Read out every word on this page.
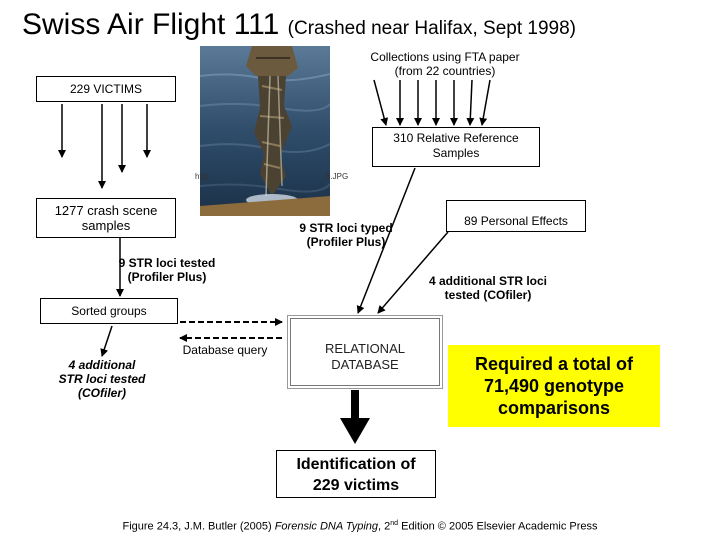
Swiss Air Flight 111 (Crashed near Halifax, Sept 1998)
http	6.JPG
229 VICTIMS
Collections using FTA paper
(from 22 countries)
310 Relative Reference
Samples
1277 crash scene
samples	89 Personal Effects
9 STR loci typed
(Profiler Plus)
9 STR loci tested
(Profiler Plus)	4 additional STR loci
tested (COfiler)
Sorted groups
Database query
4 additional
STR loci tested
(COfiler)
RELATIONAL
DATABASE	Required a total of
71,490 genotype
comparisons
Identification of
229 victims
Figure 24.3, J.M. Butler (2005) Forensic DNA Typing, 2nd Edition © 2005 Elsevier Academic Press
